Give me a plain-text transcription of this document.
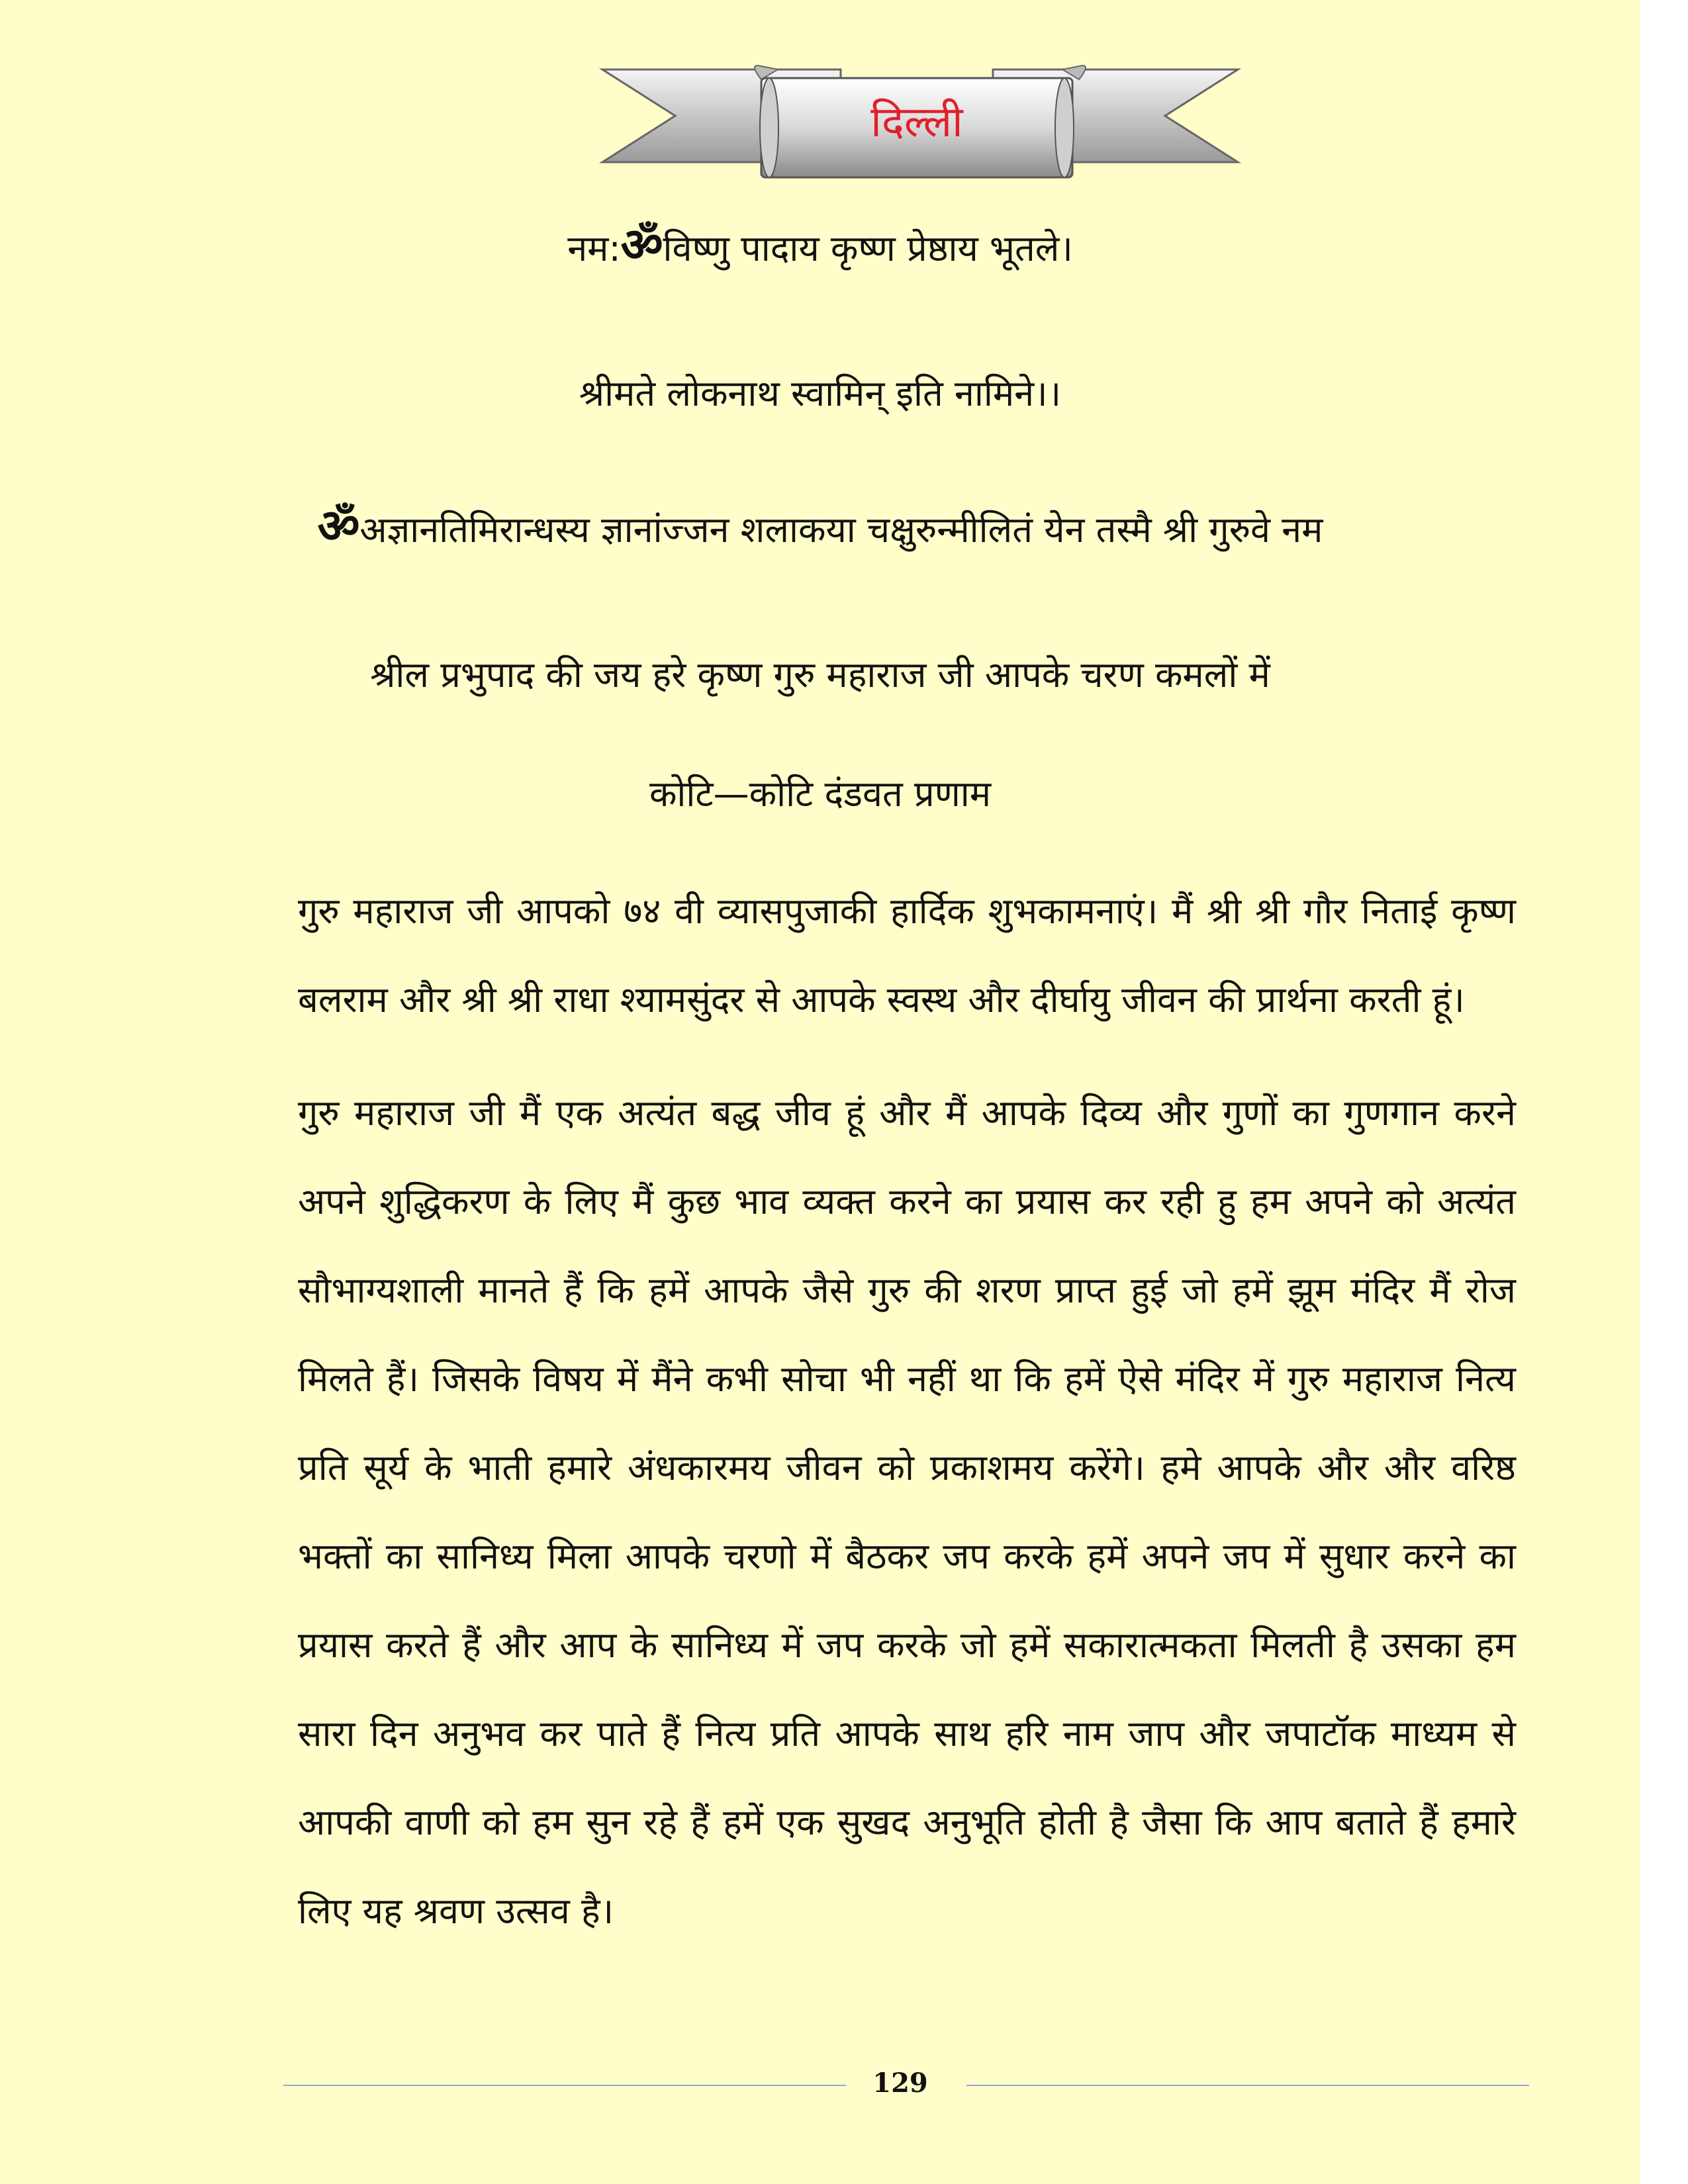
दिल्ली
नम:ॐविष्णु पादाय कृष्ण प्रेष्ठाय भूतले।
श्रीमते लोकनाथ स्वामिन् इति नामिने।।
ॐअज्ञानतिमिरान्धस्य ज्ञानांज्जन शलाकया चक्षुरुन्मीलितं येन तस्मै श्री गुरुवे नम
श्रील प्रभुपाद की जय हरे कृष्ण गुरु महाराज जी आपके चरण कमलों में
कोटि—कोटि दंडवत प्रणाम
गुरु महाराज जी आपको ७४ वी व्यासपुजाकी हार्दिक शुभकामनाएं। मैं श्री श्री गौर निताई कृष्ण बलराम और श्री श्री राधा श्यामसुंदर से आपके स्वस्थ और दीर्घायु जीवन की प्रार्थना करती हूं।
गुरु महाराज जी मैं एक अत्यंत बद्ध जीव हूं और मैं आपके दिव्य और गुणों का गुणगान करने अपने शुद्धिकरण के लिए मैं कुछ भाव व्यक्त करने का प्रयास कर रही हु हम अपने को अत्यंत सौभाग्यशाली मानते हैं कि हमें आपके जैसे गुरु की शरण प्राप्त हुई जो हमें झूम मंदिर मैं रोज मिलते हैं। जिसके विषय में मैंने कभी सोचा भी नहीं था कि हमें ऐसे मंदिर में गुरु महाराज नित्य प्रति सूर्य के भाती हमारे अंधकारमय जीवन को प्रकाशमय करेंगे। हमे आपके और और वरिष्ठ भक्तों का सानिध्य मिला आपके चरणो में बैठकर जप करके हमें अपने जप में सुधार करने का प्रयास करते हैं और आप के सानिध्य में जप करके जो हमें सकारात्मकता मिलती है उसका हम सारा दिन अनुभव कर पाते हैं नित्य प्रति आपके साथ हरि नाम जाप और जपाटॉक माध्यम से आपकी वाणी को हम सुन रहे हैं हमें एक सुखद अनुभूति होती है जैसा कि आप बताते हैं हमारे लिए यह श्रवण उत्सव है।
129
